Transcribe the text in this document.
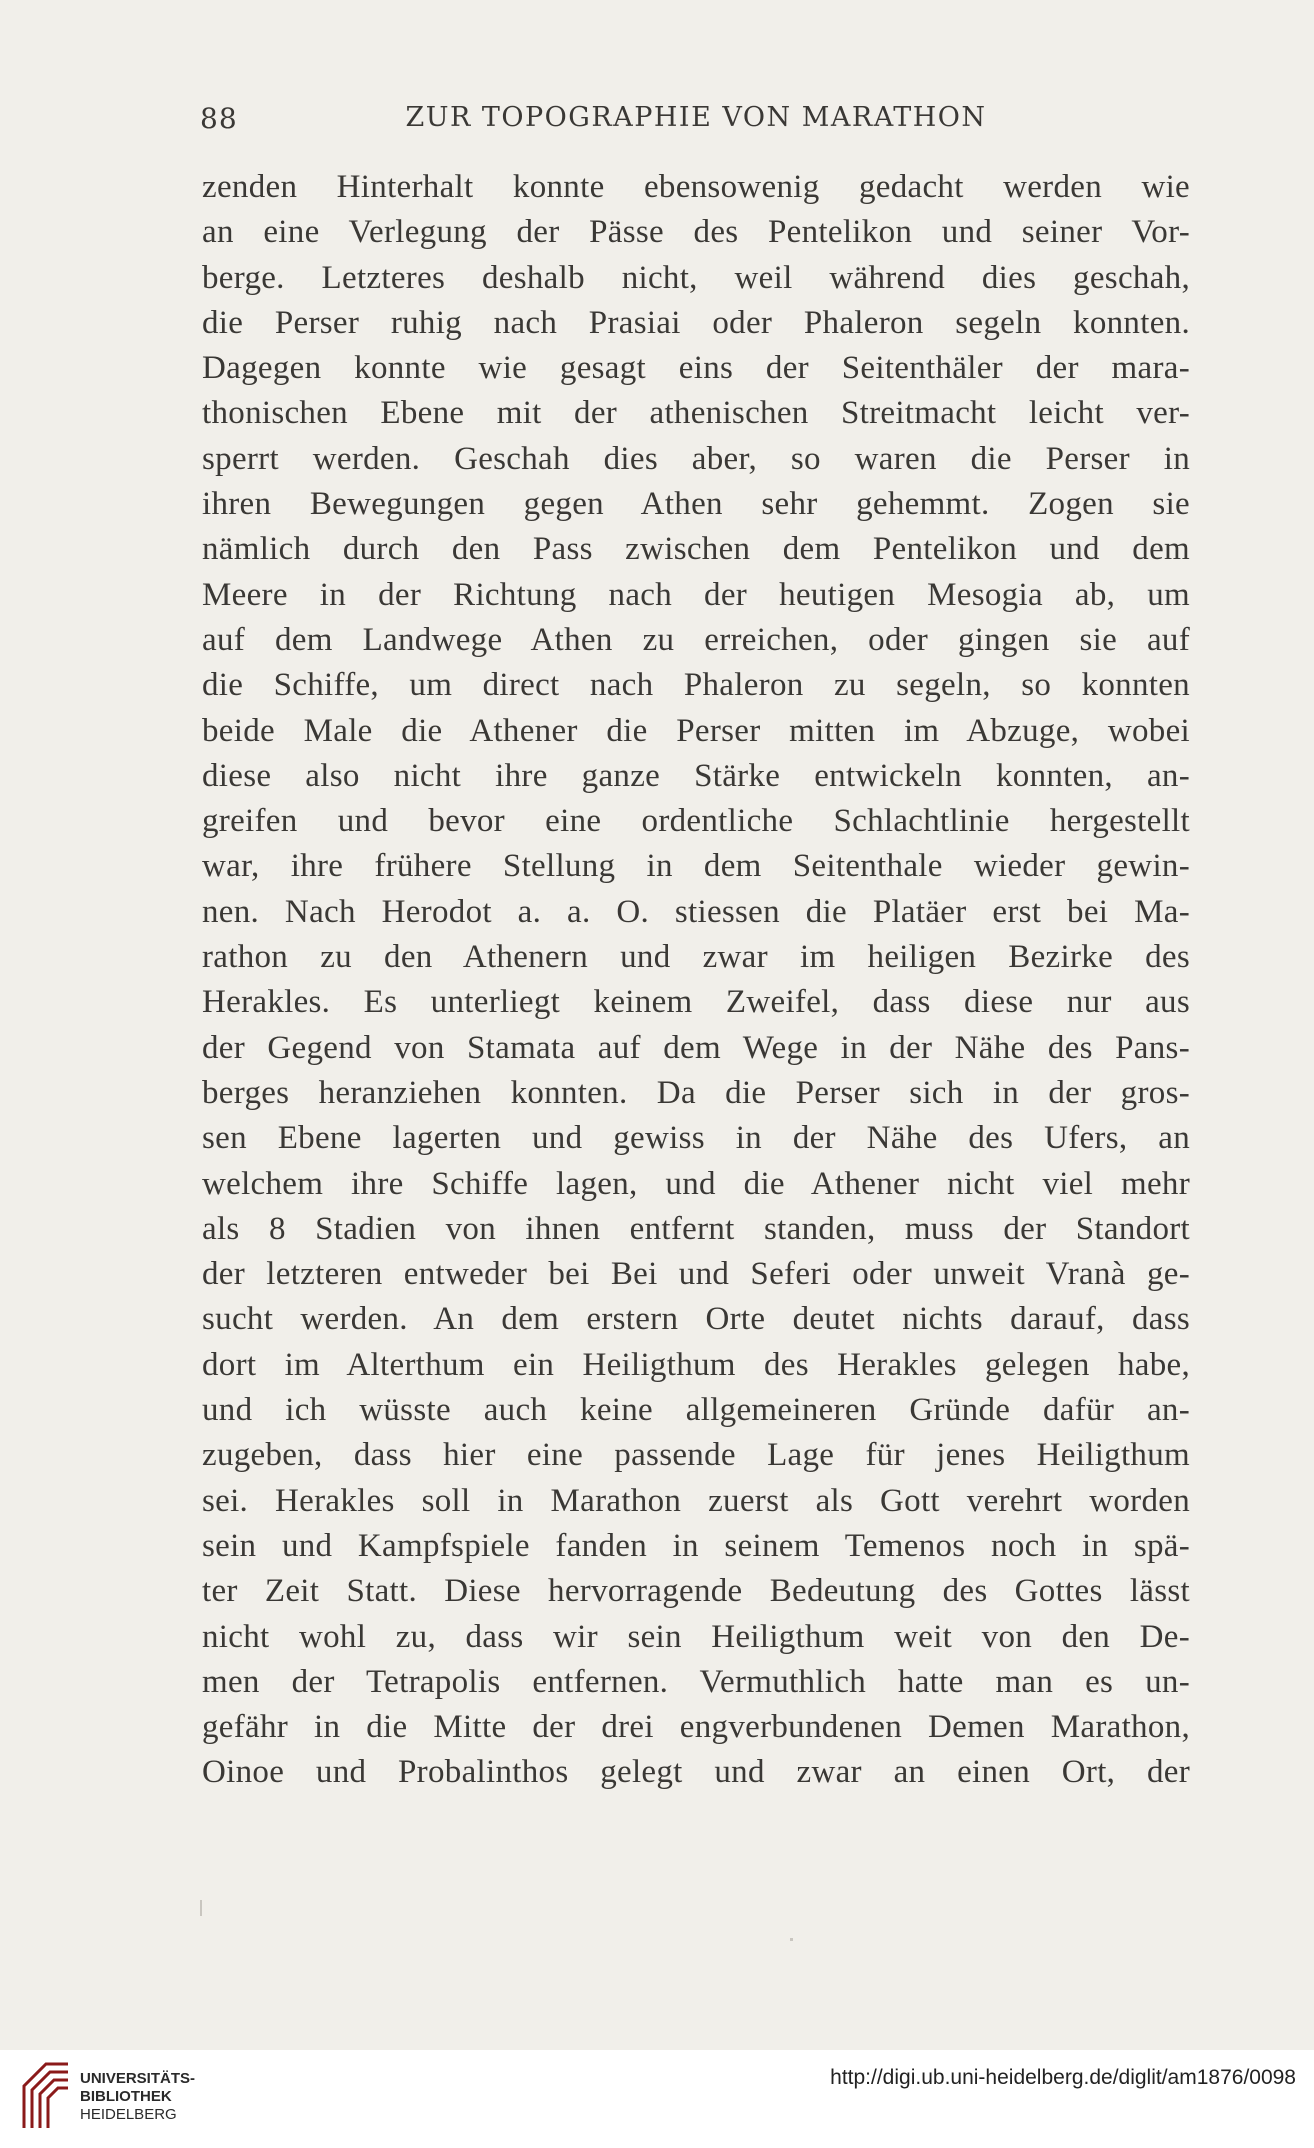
88	ZUR TOPOGRAPHIE VON MARATHON
zenden Hinterhalt konnte ebensowenig gedacht werden wie
an eine Verlegung der Pässe des Pentelikon und seiner Vor-
berge. Letzteres deshalb nicht, weil während dies geschah,
die Perser ruhig nach Prasiai oder Phaleron segeln konnten.
Dagegen konnte wie gesagt eins der Seitenthäler der mara-
thonischen Ebene mit der athenischen Streitmacht leicht ver-
sperrt werden. Geschah dies aber, so waren die Perser in
ihren Bewegungen gegen Athen sehr gehemmt. Zogen sie
nämlich durch den Pass zwischen dem Pentelikon und dem
Meere in der Richtung nach der heutigen Mesogia ab, um
auf dem Landwege Athen zu erreichen, oder gingen sie auf
die Schiffe, um direct nach Phaleron zu segeln, so konnten
beide Male die Athener die Perser mitten im Abzuge, wobei
diese also nicht ihre ganze Stärke entwickeln konnten, an-
greifen und bevor eine ordentliche Schlachtlinie hergestellt
war, ihre frühere Stellung in dem Seitenthale wieder gewin-
nen. Nach Herodot a. a. O. stiessen die Platäer erst bei Ma-
rathon zu den Athenern und zwar im heiligen Bezirke des
Herakles. Es unterliegt keinem Zweifel, dass diese nur aus
der Gegend von Stamata auf dem Wege in der Nähe des Pans-
berges heranziehen konnten. Da die Perser sich in der gros-
sen Ebene lagerten und gewiss in der Nähe des Ufers, an
welchem ihre Schiffe lagen, und die Athener nicht viel mehr
als 8 Stadien von ihnen entfernt standen, muss der Standort
der letzteren entweder bei Bei und Seferi oder unweit Vranà ge-
sucht werden. An dem erstern Orte deutet nichts darauf, dass
dort im Alterthum ein Heiligthum des Herakles gelegen habe,
und ich wüsste auch keine allgemeineren Gründe dafür an-
zugeben, dass hier eine passende Lage für jenes Heiligthum
sei. Herakles soll in Marathon zuerst als Gott verehrt worden
sein und Kampfspiele fanden in seinem Temenos noch in spä-
ter Zeit Statt. Diese hervorragende Bedeutung des Gottes lässt
nicht wohl zu, dass wir sein Heiligthum weit von den De-
men der Tetrapolis entfernen. Vermuthlich hatte man es un-
gefähr in die Mitte der drei engverbundenen Demen Marathon,
Oinoe und Probalinthos gelegt und zwar an einen Ort, der
UNIVERSITÄTS-
BIBLIOTHEK
HEIDELBERG
http://digi.ub.uni-heidelberg.de/diglit/am1876/0098
